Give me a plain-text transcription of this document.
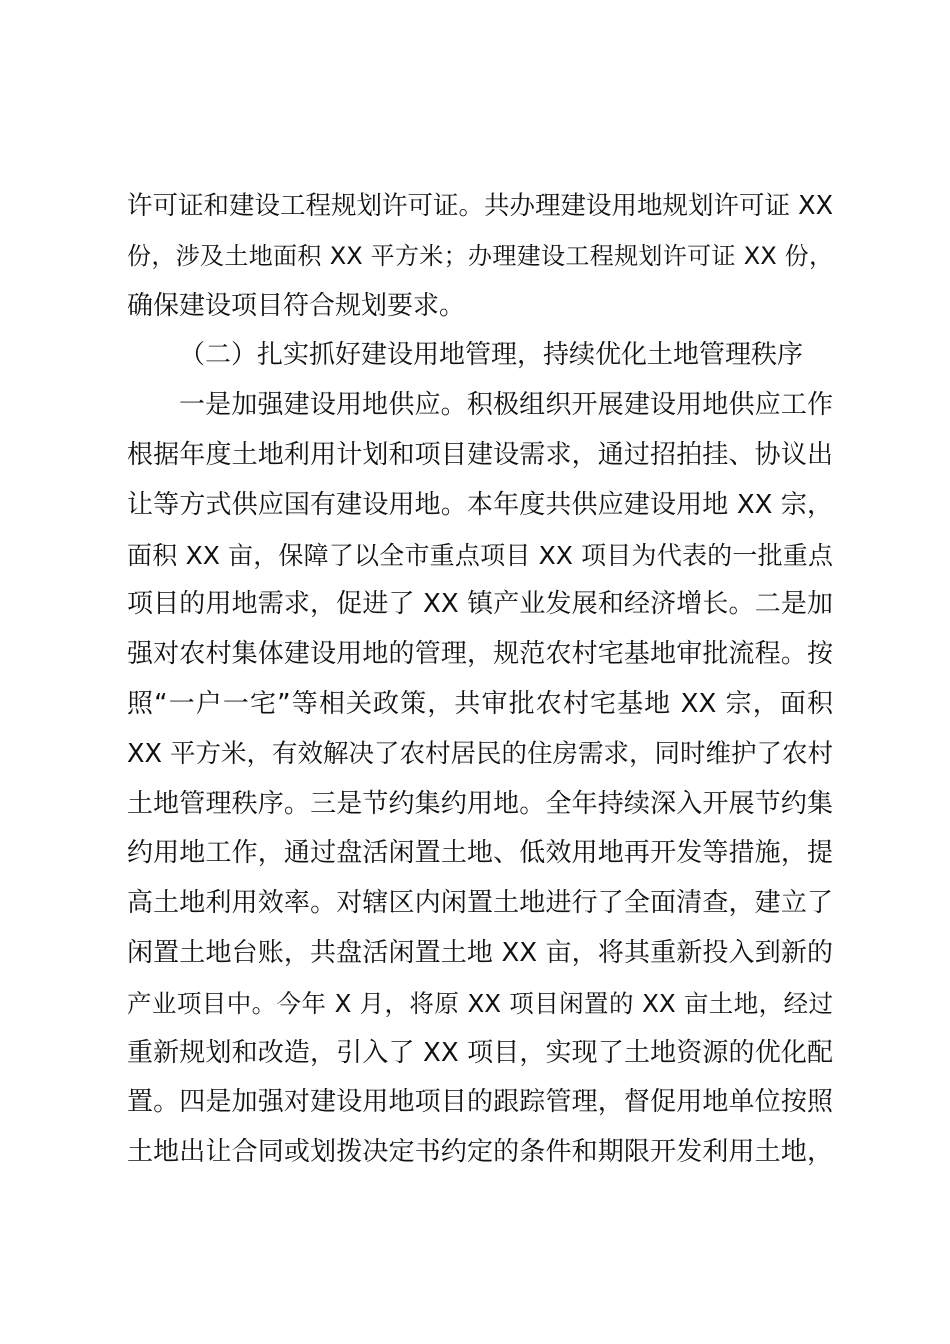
许可证和建设工程规划许可证。共办理建设用地规划许可证 XX
份，涉及土地面积 XX 平方米；办理建设工程规划许可证 XX 份，
确保建设项目符合规划要求。
（二）扎实抓好建设用地管理，持续优化土地管理秩序
一是加强建设用地供应。积极组织开展建设用地供应工作
根据年度土地利用计划和项目建设需求，通过招拍挂、协议出
让等方式供应国有建设用地。本年度共供应建设用地 XX 宗，
面积 XX 亩，保障了以全市重点项目 XX 项目为代表的一批重点
项目的用地需求，促进了 XX 镇产业发展和经济增长。二是加
强对农村集体建设用地的管理，规范农村宅基地审批流程。按
照“一户一宅”等相关政策，共审批农村宅基地 XX 宗，面积
XX 平方米，有效解决了农村居民的住房需求，同时维护了农村
土地管理秩序。三是节约集约用地。全年持续深入开展节约集
约用地工作，通过盘活闲置土地、低效用地再开发等措施，提
高土地利用效率。对辖区内闲置土地进行了全面清查，建立了
闲置土地台账，共盘活闲置土地 XX 亩，将其重新投入到新的
产业项目中。今年 X 月，将原 XX 项目闲置的 XX 亩土地，经过
重新规划和改造，引入了 XX 项目，实现了土地资源的优化配
置。四是加强对建设用地项目的跟踪管理，督促用地单位按照
土地出让合同或划拨决定书约定的条件和期限开发利用土地，
